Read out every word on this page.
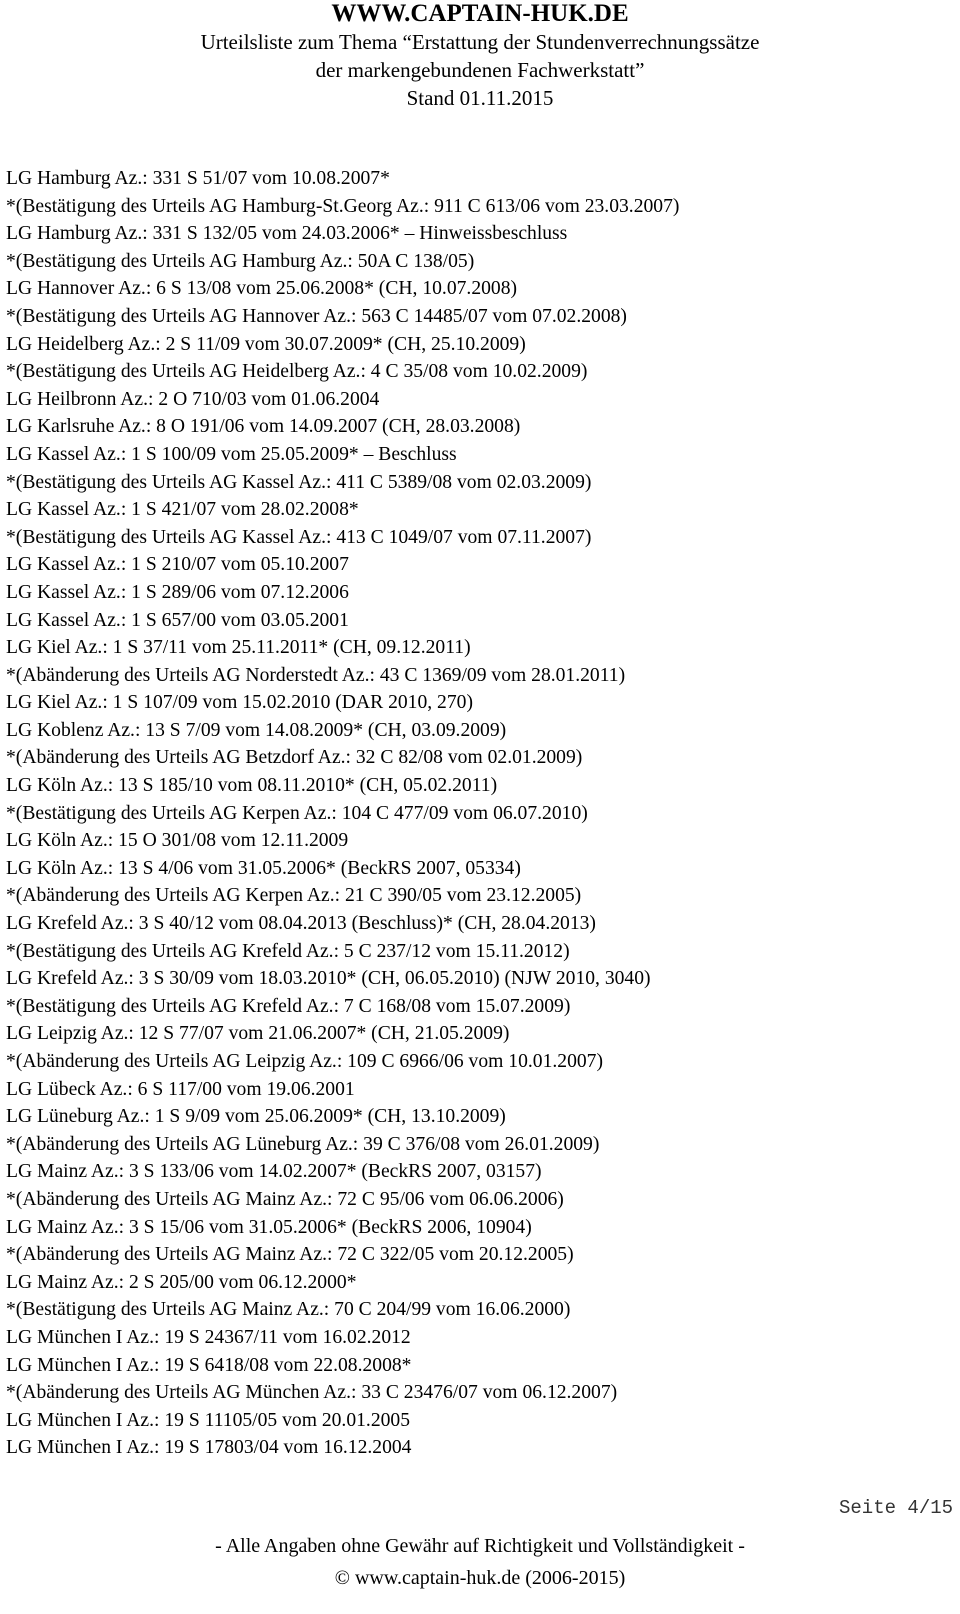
WWW.CAPTAIN-HUK.DE
Urteilsliste zum Thema “Erstattung der Stundenverrechnungssätze
der markengebundenen Fachwerkstatt”
Stand 01.11.2015
LG Hamburg Az.: 331 S 51/07 vom 10.08.2007*
*(Bestätigung des Urteils AG Hamburg-St.Georg Az.: 911 C 613/06 vom 23.03.2007)
LG Hamburg Az.: 331 S 132/05 vom 24.03.2006* – Hinweissbeschluss
*(Bestätigung des Urteils AG Hamburg Az.: 50A C 138/05)
LG Hannover Az.: 6 S 13/08 vom 25.06.2008* (CH, 10.07.2008)
*(Bestätigung des Urteils AG Hannover Az.: 563 C 14485/07 vom 07.02.2008)
LG Heidelberg Az.: 2 S 11/09 vom 30.07.2009* (CH, 25.10.2009)
*(Bestätigung des Urteils AG Heidelberg Az.: 4 C 35/08 vom 10.02.2009)
LG Heilbronn Az.: 2 O 710/03 vom 01.06.2004
LG Karlsruhe Az.: 8 O 191/06 vom 14.09.2007 (CH, 28.03.2008)
LG Kassel Az.: 1 S 100/09 vom 25.05.2009* – Beschluss
*(Bestätigung des Urteils AG Kassel Az.: 411 C 5389/08 vom 02.03.2009)
LG Kassel Az.: 1 S 421/07 vom 28.02.2008*
*(Bestätigung des Urteils AG Kassel Az.: 413 C 1049/07 vom 07.11.2007)
LG Kassel Az.: 1 S 210/07 vom 05.10.2007
LG Kassel Az.: 1 S 289/06 vom 07.12.2006
LG Kassel Az.: 1 S 657/00 vom 03.05.2001
LG Kiel Az.: 1 S 37/11 vom 25.11.2011* (CH, 09.12.2011)
*(Abänderung des Urteils AG Norderstedt Az.: 43 C 1369/09 vom 28.01.2011)
LG Kiel Az.: 1 S 107/09 vom 15.02.2010 (DAR 2010, 270)
LG Koblenz Az.: 13 S 7/09 vom 14.08.2009* (CH, 03.09.2009)
*(Abänderung des Urteils AG Betzdorf Az.: 32 C 82/08 vom 02.01.2009)
LG Köln Az.: 13 S 185/10 vom 08.11.2010* (CH, 05.02.2011)
*(Bestätigung des Urteils AG Kerpen Az.: 104 C 477/09 vom 06.07.2010)
LG Köln Az.: 15 O 301/08 vom 12.11.2009
LG Köln Az.: 13 S 4/06 vom 31.05.2006* (BeckRS 2007, 05334)
*(Abänderung des Urteils AG Kerpen Az.: 21 C 390/05 vom 23.12.2005)
LG Krefeld Az.: 3 S 40/12 vom 08.04.2013 (Beschluss)* (CH, 28.04.2013)
*(Bestätigung des Urteils AG Krefeld Az.: 5 C 237/12 vom 15.11.2012)
LG Krefeld Az.: 3 S 30/09 vom 18.03.2010* (CH, 06.05.2010) (NJW 2010, 3040)
*(Bestätigung des Urteils AG Krefeld Az.: 7 C 168/08 vom 15.07.2009)
LG Leipzig Az.: 12 S 77/07 vom 21.06.2007* (CH, 21.05.2009)
*(Abänderung des Urteils AG Leipzig Az.: 109 C 6966/06 vom 10.01.2007)
LG Lübeck Az.: 6 S 117/00 vom 19.06.2001
LG Lüneburg Az.: 1 S 9/09 vom 25.06.2009* (CH, 13.10.2009)
*(Abänderung des Urteils AG Lüneburg Az.: 39 C 376/08 vom 26.01.2009)
LG Mainz Az.: 3 S 133/06 vom 14.02.2007* (BeckRS 2007, 03157)
*(Abänderung des Urteils AG Mainz Az.: 72 C 95/06 vom 06.06.2006)
LG Mainz Az.: 3 S 15/06 vom 31.05.2006* (BeckRS 2006, 10904)
*(Abänderung des Urteils AG Mainz Az.: 72 C 322/05 vom 20.12.2005)
LG Mainz Az.: 2 S 205/00 vom 06.12.2000*
*(Bestätigung des Urteils AG Mainz Az.: 70 C 204/99 vom 16.06.2000)
LG München I Az.: 19 S 24367/11 vom 16.02.2012
LG München I Az.: 19 S 6418/08 vom 22.08.2008*
*(Abänderung des Urteils AG München Az.: 33 C 23476/07 vom 06.12.2007)
LG München I Az.: 19 S 11105/05 vom 20.01.2005
LG München I Az.: 19 S 17803/04 vom 16.12.2004
Seite 4/15
- Alle Angaben ohne Gewähr auf Richtigkeit und Vollständigkeit -
© www.captain-huk.de (2006-2015)
